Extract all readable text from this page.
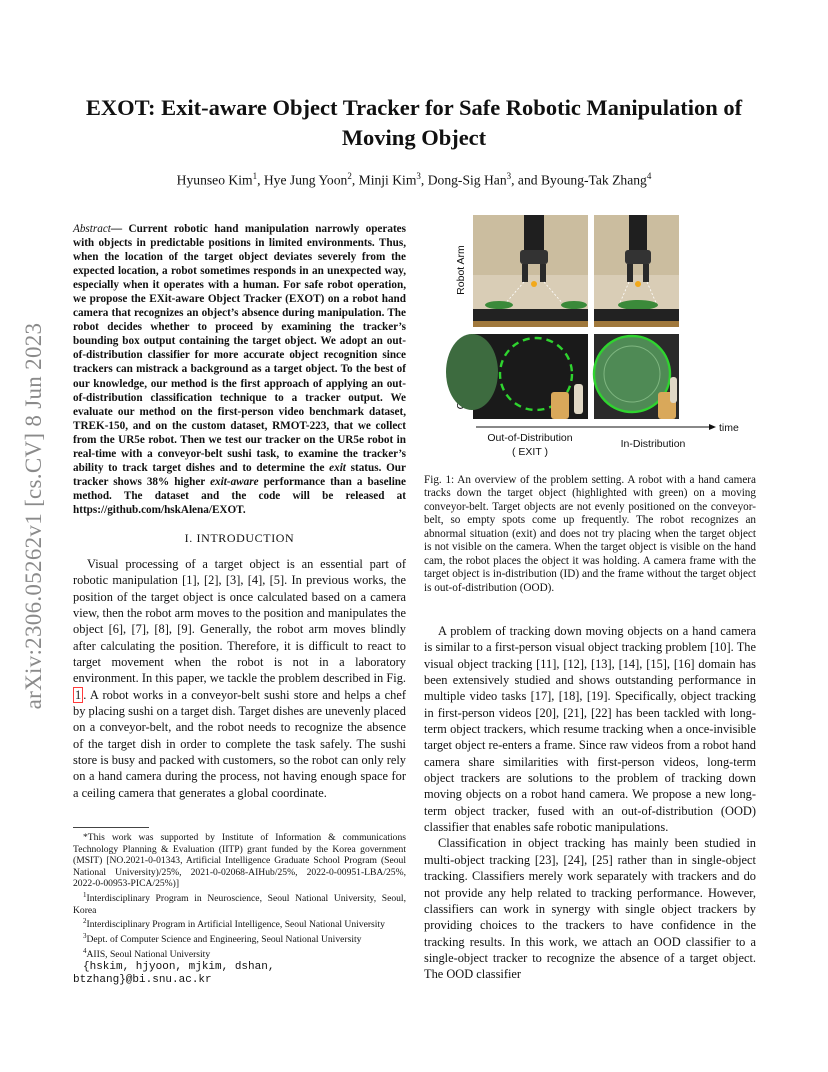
arXiv:2306.05262v1 [cs.CV] 8 Jun 2023
EXOT: Exit-aware Object Tracker for Safe Robotic Manipulation of Moving Object
Hyunseo Kim$^1$, Hye Jung Yoon$^2$, Minji Kim$^3$, Dong-Sig Han$^3$, and Byoung-Tak Zhang$^4$
Abstract— Current robotic hand manipulation narrowly operates with objects in predictable positions in limited environments. Thus, when the location of the target object deviates severely from the expected location, a robot sometimes responds in an unexpected way, especially when it operates with a human. For safe robot operation, we propose the EXit-aware Object Tracker (EXOT) on a robot hand camera that recognizes an object’s absence during manipulation. The robot decides whether to proceed by examining the tracker’s bounding box output containing the target object. We adopt an out-of-distribution classifier for more accurate object recognition since trackers can mistrack a background as a target object. To the best of our knowledge, our method is the first approach of applying an out-of-distribution classification technique to a tracker output. We evaluate our method on the first-person video benchmark dataset, TREK-150, and on the custom dataset, RMOT-223, that we collect from the UR5e robot. Then we test our tracker on the UR5e robot in real-time with a conveyor-belt sushi task, to examine the tracker’s ability to track target dishes and to determine the exit status. Our tracker shows 38% higher exit-aware performance than a baseline method. The dataset and the code will be released at https://github.com/hskAlena/EXOT.
I. INTRODUCTION

Visual processing of a target object is an essential part of robotic manipulation [1], [2], [3], [4], [5]. In previous works, the position of the target object is once calculated based on a camera view, then the robot arm moves to the position and manipulates the object [6], [7], [8], [9]. Generally, the robot arm moves blindly after calculating the position. Therefore, it is difficult to react to target movement when the robot is not in a laboratory environment. In this paper, we tackle the problem described in Fig. 1 . A robot works in a conveyor-belt sushi store and helps a chef by placing sushi on a target dish. Target dishes are unevenly placed on a conveyor-belt, and the robot needs to recognize the absence of the target dish in order to complete the task safely. The sushi store is busy and packed with customers, so the robot can only rely on a hand camera during the process, not having enough space for a ceiling camera that generates a global coordinate.

*This work was supported by Institute of Information & communications Technology Planning & Evaluation (IITP) grant funded by the Korea government (MSIT) [NO.2021-0-01343, Artificial Intelligence Graduate School Program (Seoul National University)/25%, 2021-0-02068-AIHub/25%, 2022-0-00951-LBA/25%, 2022-0-00953-PICA/25%)]
$^1$Interdisciplinary Program in Neuroscience, Seoul National University, Seoul, Korea
$^2$Interdisciplinary Program in Artificial Intelligence, Seoul National University
$^3$Dept. of Computer Science and Engineering, Seoul National University
$^4$AIIS, Seoul National University
{hskim, hjyoon, mjkim, dshan,
btzhang}@bi.snu.ac.kr
Robot Arm
time
Out-of-Distribution
( EXIT )
In-Distribution
Fig. 1: An overview of the problem setting. A robot with a hand camera tracks down the target object (highlighted with green) on a moving conveyor-belt. Target objects are not evenly positioned on the conveyor-belt, so empty spots come up frequently. The robot recognizes an abnormal situation (exit) and does not try placing when the target object is not visible on the camera. When the target object is visible on the hand cam, the robot places the object it was holding. A camera frame with the target object is in-distribution (ID) and the frame without the target object is out-of-distribution (OOD).

A problem of tracking down moving objects on a hand camera is similar to a first-person visual object tracking problem [10]. The visual object tracking [11], [12], [13], [14], [15], [16] domain has been extensively studied and shows outstanding performance in multiple video tasks [17], [18], [19]. Specifically, object tracking in first-person videos [20], [21], [22] has been tackled with long-term object trackers, which resume tracking when a once-invisible target object re-enters a frame. Since raw videos from a robot hand camera share similarities with first-person videos, long-term object trackers are solutions to the problem of tracking down moving objects on a robot hand camera. We propose a new long-term object tracker, fused with an out-of-distribution (OOD) classifier that enables safe robotic manipulations.

Classification in object tracking has mainly been studied in multi-object tracking [23], [24], [25] rather than in single-object tracking. Classifiers merely work separately with trackers and do not provide any help related to tracking performance. However, classifiers can work in synergy with single object trackers by providing choices to the trackers to have confidence in the tracking results. In this work, we attach an OOD classifier to a single-object tracker to recognize the absence of a target object. The OOD classifier
